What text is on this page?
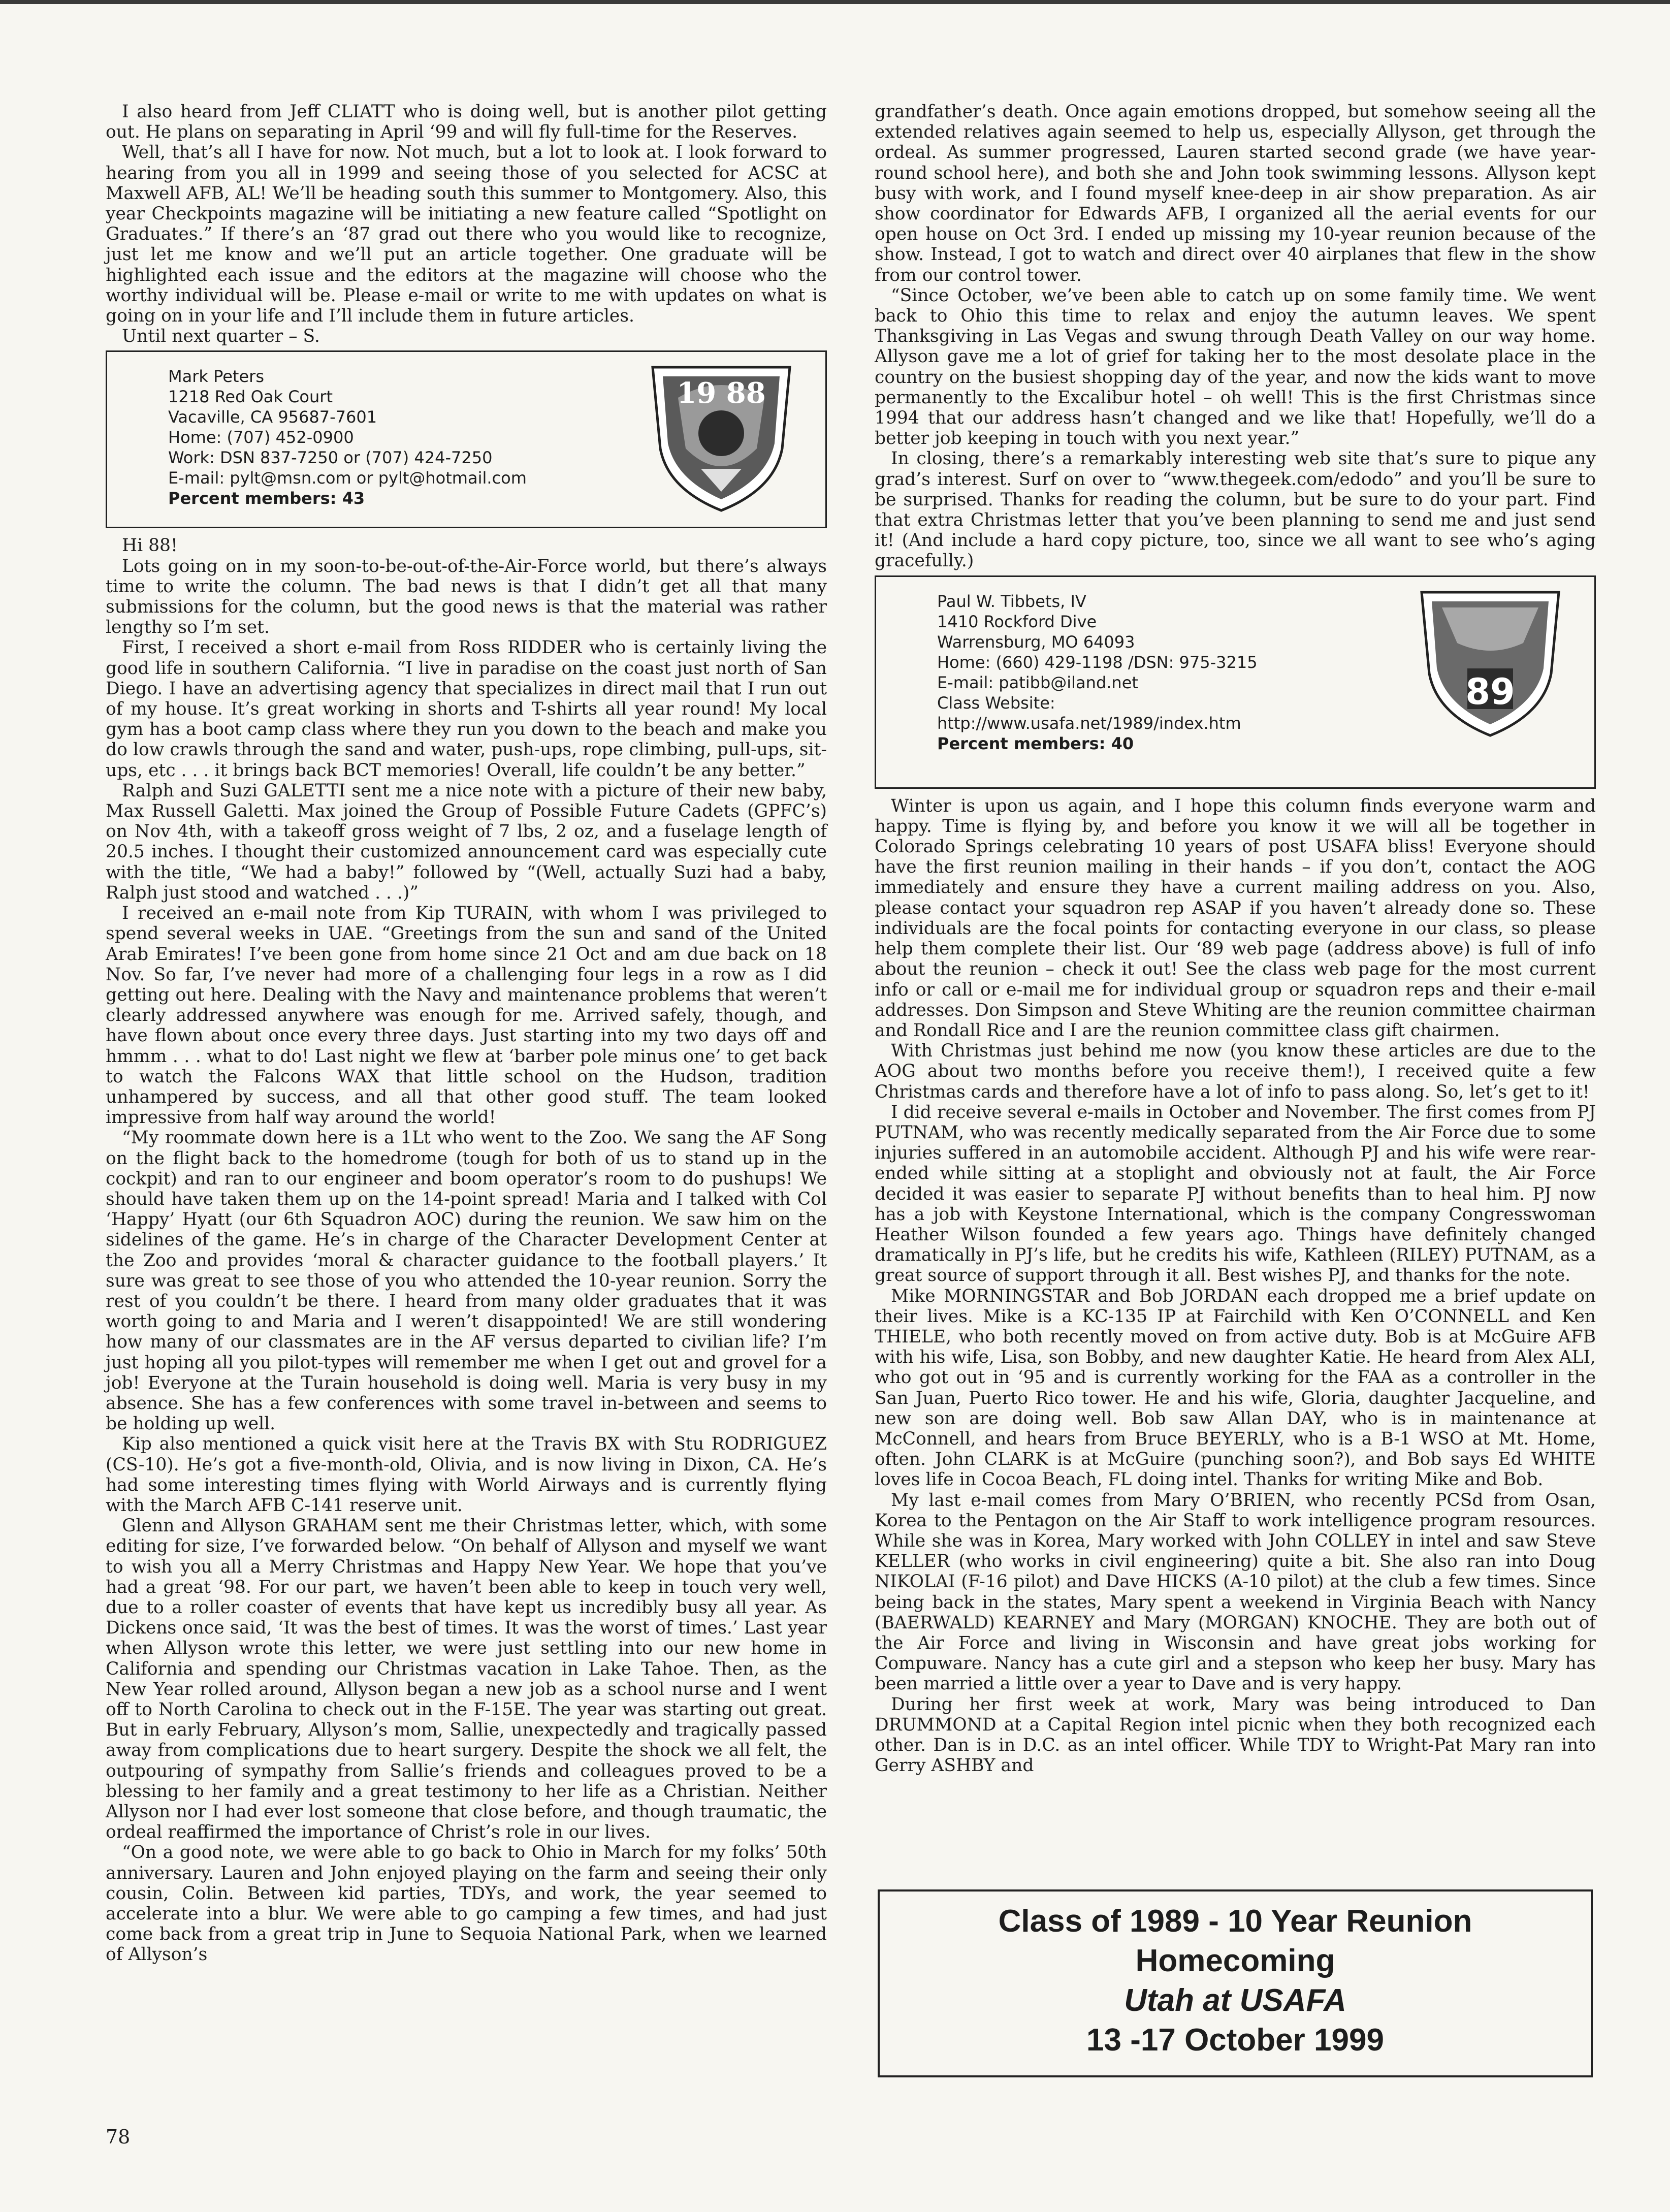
I also heard from Jeff CLIATT who is doing well, but is another pilot getting out. He plans on separating in April ‘99 and will fly full-time for the Reserves.

Well, that’s all I have for now. Not much, but a lot to look at. I look forward to hearing from you all in 1999 and seeing those of you selected for ACSC at Maxwell AFB, AL! We’ll be heading south this summer to Montgomery. Also, this year Checkpoints magazine will be initiating a new feature called “Spotlight on Graduates.” If there’s an ‘87 grad out there who you would like to recognize, just let me know and we’ll put an article together. One graduate will be highlighted each issue and the editors at the magazine will choose who the worthy individual will be. Please e-mail or write to me with updates on what is going on in your life and I’ll include them in future articles.

Until next quarter – S.

Mark Peters
1218 Red Oak Court
Vacaville, CA 95687-7601
Home: (707) 452-0900
Work: DSN 837-7250 or (707) 424-7250
E-mail: pylt@msn.com or pylt@hotmail.com
Percent members: 43
19 88

Hi 88!

Lots going on in my soon-to-be-out-of-the-Air-Force world, but there’s always time to write the column. The bad news is that I didn’t get all that many submissions for the column, but the good news is that the material was rather lengthy so I’m set.

First, I received a short e-mail from Ross RIDDER who is certainly living the good life in southern California. “I live in paradise on the coast just north of San Diego. I have an advertising agency that specializes in direct mail that I run out of my house. It’s great working in shorts and T-shirts all year round! My local gym has a boot camp class where they run you down to the beach and make you do low crawls through the sand and water, push-ups, rope climbing, pull-ups, sit-ups, etc . . . it brings back BCT memories! Overall, life couldn’t be any better.”

Ralph and Suzi GALETTI sent me a nice note with a picture of their new baby, Max Russell Galetti. Max joined the Group of Possible Future Cadets (GPFC’s) on Nov 4th, with a takeoff gross weight of 7 lbs, 2 oz, and a fuselage length of 20.5 inches. I thought their customized announcement card was especially cute with the title, “We had a baby!” followed by “(Well, actually Suzi had a baby, Ralph just stood and watched . . .)”

I received an e-mail note from Kip TURAIN, with whom I was privileged to spend several weeks in UAE. “Greetings from the sun and sand of the United Arab Emirates! I’ve been gone from home since 21 Oct and am due back on 18 Nov. So far, I’ve never had more of a challenging four legs in a row as I did getting out here. Dealing with the Navy and maintenance problems that weren’t clearly addressed anywhere was enough for me. Arrived safely, though, and have flown about once every three days. Just starting into my two days off and hmmm . . . what to do! Last night we flew at ‘barber pole minus one’ to get back to watch the Falcons WAX that little school on the Hudson, tradition unhampered by success, and all that other good stuff. The team looked impressive from half way around the world!

“My roommate down here is a 1Lt who went to the Zoo. We sang the AF Song on the flight back to the homedrome (tough for both of us to stand up in the cockpit) and ran to our engineer and boom operator’s room to do pushups! We should have taken them up on the 14-point spread! Maria and I talked with Col ‘Happy’ Hyatt (our 6th Squadron AOC) during the reunion. We saw him on the sidelines of the game. He’s in charge of the Character Development Center at the Zoo and provides ‘moral & character guidance to the football players.’ It sure was great to see those of you who attended the 10-year reunion. Sorry the rest of you couldn’t be there. I heard from many older graduates that it was worth going to and Maria and I weren’t disappointed! We are still wondering how many of our classmates are in the AF versus departed to civilian life? I’m just hoping all you pilot-types will remember me when I get out and grovel for a job! Everyone at the Turain household is doing well. Maria is very busy in my absence. She has a few conferences with some travel in-between and seems to be holding up well.

Kip also mentioned a quick visit here at the Travis BX with Stu RODRIGUEZ (CS-10). He’s got a five-month-old, Olivia, and is now living in Dixon, CA. He’s had some interesting times flying with World Airways and is currently flying with the March AFB C-141 reserve unit.

Glenn and Allyson GRAHAM sent me their Christmas letter, which, with some editing for size, I’ve forwarded below. “On behalf of Allyson and myself we want to wish you all a Merry Christmas and Happy New Year. We hope that you’ve had a great ‘98. For our part, we haven’t been able to keep in touch very well, due to a roller coaster of events that have kept us incredibly busy all year. As Dickens once said, ‘It was the best of times. It was the worst of times.’ Last year when Allyson wrote this letter, we were just settling into our new home in California and spending our Christmas vacation in Lake Tahoe. Then, as the New Year rolled around, Allyson began a new job as a school nurse and I went off to North Carolina to check out in the F-15E. The year was starting out great. But in early February, Allyson’s mom, Sallie, unexpectedly and tragically passed away from complications due to heart surgery. Despite the shock we all felt, the outpouring of sympathy from Sallie’s friends and colleagues proved to be a blessing to her family and a great testimony to her life as a Christian. Neither Allyson nor I had ever lost someone that close before, and though traumatic, the ordeal reaffirmed the importance of Christ’s role in our lives.

“On a good note, we were able to go back to Ohio in March for my folks’ 50th anniversary. Lauren and John enjoyed playing on the farm and seeing their only cousin, Colin. Between kid parties, TDYs, and work, the year seemed to accelerate into a blur. We were able to go camping a few times, and had just come back from a great trip in June to Sequoia National Park, when we learned of Allyson’s

grandfather’s death. Once again emotions dropped, but somehow seeing all the extended relatives again seemed to help us, especially Allyson, get through the ordeal. As summer progressed, Lauren started second grade (we have year-round school here), and both she and John took swimming lessons. Allyson kept busy with work, and I found myself knee-deep in air show preparation. As air show coordinator for Edwards AFB, I organized all the aerial events for our open house on Oct 3rd. I ended up missing my 10-year reunion because of the show. Instead, I got to watch and direct over 40 airplanes that flew in the show from our control tower.

“Since October, we’ve been able to catch up on some family time. We went back to Ohio this time to relax and enjoy the autumn leaves. We spent Thanksgiving in Las Vegas and swung through Death Valley on our way home. Allyson gave me a lot of grief for taking her to the most desolate place in the country on the busiest shopping day of the year, and now the kids want to move permanently to the Excalibur hotel – oh well! This is the first Christmas since 1994 that our address hasn’t changed and we like that! Hopefully, we’ll do a better job keeping in touch with you next year.”

In closing, there’s a remarkably interesting web site that’s sure to pique any grad’s interest. Surf on over to “www.thegeek.com/edodo” and you’ll be sure to be surprised. Thanks for reading the column, but be sure to do your part. Find that extra Christmas letter that you’ve been planning to send me and just send it! (And include a hard copy picture, too, since we all want to see who’s aging gracefully.)

Paul W. Tibbets, IV
1410 Rockford Dive
Warrensburg, MO 64093
Home: (660) 429-1198 /DSN: 975-3215
E-mail: patibb@iland.net
Class Website:
http://www.usafa.net/1989/index.htm
Percent members: 40
89

Winter is upon us again, and I hope this column finds everyone warm and happy. Time is flying by, and before you know it we will all be together in Colorado Springs celebrating 10 years of post USAFA bliss! Everyone should have the first reunion mailing in their hands – if you don’t, contact the AOG immediately and ensure they have a current mailing address on you. Also, please contact your squadron rep ASAP if you haven’t already done so. These individuals are the focal points for contacting everyone in our class, so please help them complete their list. Our ‘89 web page (address above) is full of info about the reunion – check it out! See the class web page for the most current info or call or e-mail me for individual group or squadron reps and their e-mail addresses. Don Simpson and Steve Whiting are the reunion committee chairman and Rondall Rice and I are the reunion committee class gift chairmen.

With Christmas just behind me now (you know these articles are due to the AOG about two months before you receive them!), I received quite a few Christmas cards and therefore have a lot of info to pass along. So, let’s get to it!

I did receive several e-mails in October and November. The first comes from PJ PUTNAM, who was recently medically separated from the Air Force due to some injuries suffered in an automobile accident. Although PJ and his wife were rear-ended while sitting at a stoplight and obviously not at fault, the Air Force decided it was easier to separate PJ without benefits than to heal him. PJ now has a job with Keystone International, which is the company Congresswoman Heather Wilson founded a few years ago. Things have definitely changed dramatically in PJ’s life, but he credits his wife, Kathleen (RILEY) PUTNAM, as a great source of support through it all. Best wishes PJ, and thanks for the note.

Mike MORNINGSTAR and Bob JORDAN each dropped me a brief update on their lives. Mike is a KC-135 IP at Fairchild with Ken O’CONNELL and Ken THIELE, who both recently moved on from active duty. Bob is at McGuire AFB with his wife, Lisa, son Bobby, and new daughter Katie. He heard from Alex ALI, who got out in ‘95 and is currently working for the FAA as a controller in the San Juan, Puerto Rico tower. He and his wife, Gloria, daughter Jacqueline, and new son are doing well. Bob saw Allan DAY, who is in maintenance at McConnell, and hears from Bruce BEYERLY, who is a B-1 WSO at Mt. Home, often. John CLARK is at McGuire (punching soon?), and Bob says Ed WHITE loves life in Cocoa Beach, FL doing intel. Thanks for writing Mike and Bob.

My last e-mail comes from Mary O’BRIEN, who recently PCSd from Osan, Korea to the Pentagon on the Air Staff to work intelligence program resources. While she was in Korea, Mary worked with John COLLEY in intel and saw Steve KELLER (who works in civil engineering) quite a bit. She also ran into Doug NIKOLAI (F-16 pilot) and Dave HICKS (A-10 pilot) at the club a few times. Since being back in the states, Mary spent a weekend in Virginia Beach with Nancy (BAERWALD) KEARNEY and Mary (MORGAN) KNOCHE. They are both out of the Air Force and living in Wisconsin and have great jobs working for Compuware. Nancy has a cute girl and a stepson who keep her busy. Mary has been married a little over a year to Dave and is very happy.

During her first week at work, Mary was being introduced to Dan DRUMMOND at a Capital Region intel picnic when they both recognized each other. Dan is in D.C. as an intel officer. While TDY to Wright-Pat Mary ran into Gerry ASHBY and

Class of 1989 - 10 Year Reunion
Homecoming
Utah at USAFA
13 -17 October 1999
78
